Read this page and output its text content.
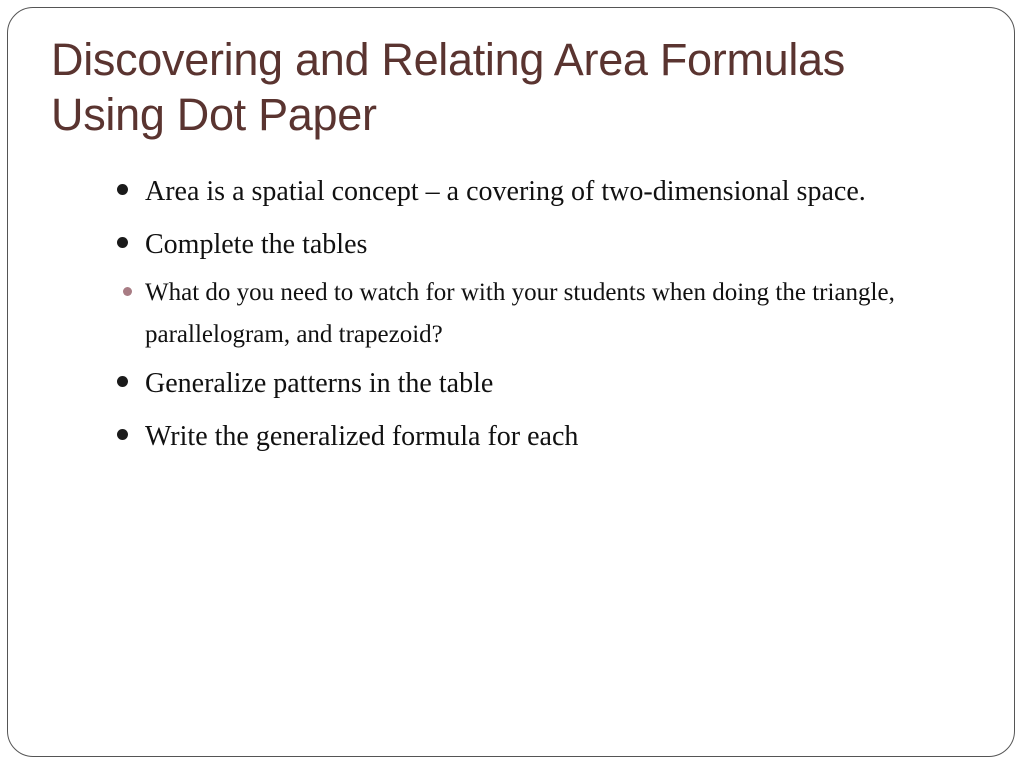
Discovering and Relating Area Formulas
Using Dot Paper
Area is a spatial concept – a covering of two-dimensional space.
Complete the tables
What do you need to watch for with your students when doing the triangle, parallelogram, and trapezoid?
Generalize patterns in the table
Write the generalized formula for each
